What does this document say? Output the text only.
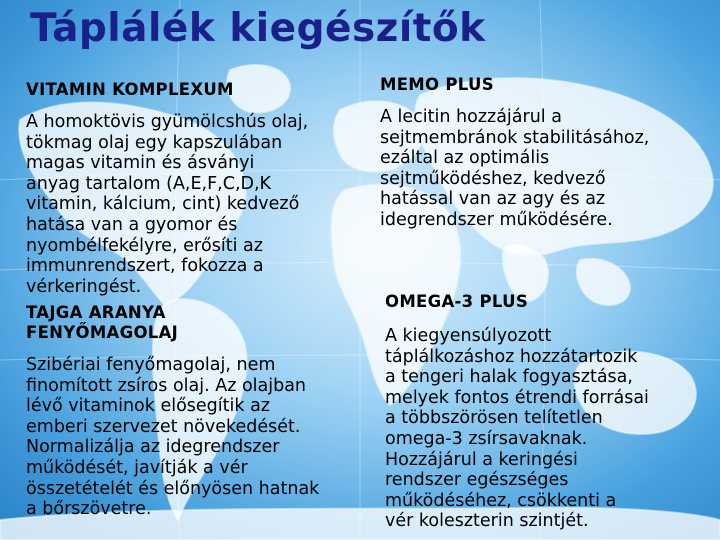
Táplálék kiegészítők
VITAMIN KOMPLEXUM
A homoktövis gyümölcshús olaj,
tökmag olaj egy kapszulában
magas vitamin és ásványi
anyag tartalom (A,E,F,C,D,K
vitamin, kálcium, cint) kedvező
hatása van a gyomor és
nyombélfekélyre, erősíti az
immunrendszert, fokozza a
vérkeringést.
MEMO PLUS
A lecitin hozzájárul a
sejtmembránok stabilitásához,
ezáltal az optimális
sejtműködéshez, kedvező
hatással van az agy és az
idegrendszer működésére.
TAJGA ARANYA
FENYŐMAGOLAJ
Szibériai fenyőmagolaj, nem
finomított zsíros olaj. Az olajban
lévő vitaminok elősegítik az
emberi szervezet növekedését.
Normalizálja az idegrendszer
működését, javítják a vér
összetételét és előnyösen hatnak
a bőrszövetre.
OMEGA-3 PLUS
A kiegyensúlyozott
táplálkozáshoz hozzátartozik
a tengeri halak fogyasztása,
melyek fontos étrendi forrásai
a többszörösen telítetlen
omega-3 zsírsavaknak.
Hozzájárul a keringési
rendszer egészséges
működéséhez, csökkenti a
vér koleszterin szintjét.
